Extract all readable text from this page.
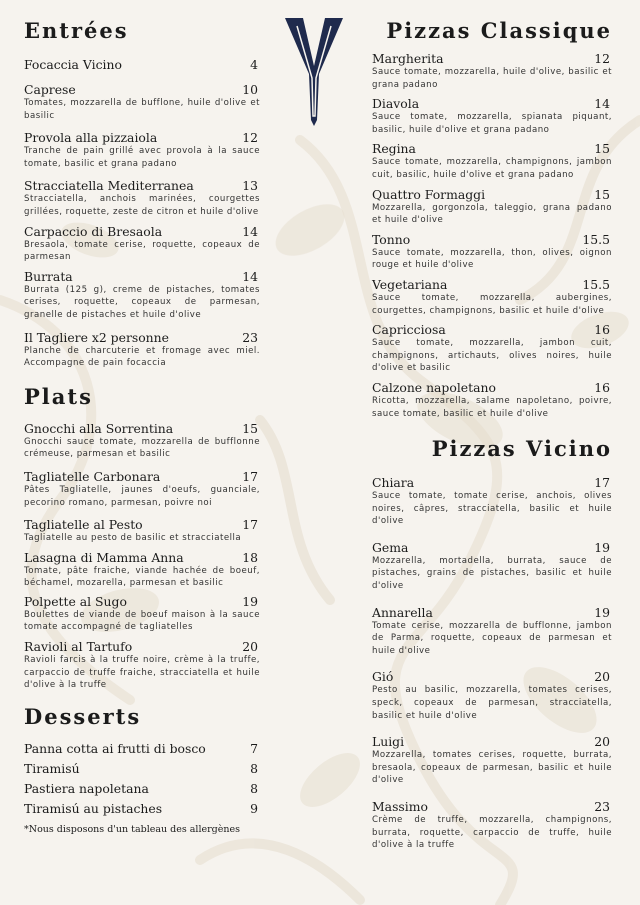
Entrées
Focaccia Vicino	4
Caprese	10
Tomates, mozzarella de bufflone, huile d'olive et basilic
Provola alla pizzaiola	12
Tranche de pain grillé avec provola à la sauce tomate, basilic et grana padano
Stracciatella Mediterranea	13
Stracciatella, anchois marinées, courgettes grillées, roquette, zeste de citron et huile d'olive
Carpaccio di Bresaola	14
Bresaola, tomate cerise, roquette, copeaux de parmesan
Burrata	14
Burrata (125 g), creme de pistaches, tomates cerises, roquette, copeaux de parmesan, granelle de pistaches et huile d'olive
Il Tagliere x2 personne	23
Planche de charcuterie et fromage avec miel. Accompagne de pain focaccia
Plats
Gnocchi alla Sorrentina	15
Gnocchi sauce tomate, mozzarella de bufflonne crémeuse, parmesan et basilic
Tagliatelle Carbonara	17
Pâtes Tagliatelle, jaunes d'oeufs, guanciale, pecorino romano, parmesan, poivre noi
Tagliatelle al Pesto	17
Tagliatelle au pesto de basilic et stracciatella
Lasagna di Mamma Anna	18
Tomate, pâte fraiche, viande hachée de boeuf, béchamel, mozarella, parmesan et basilic
Polpette al Sugo	19
Boulettes de viande de boeuf maison à la sauce tomate accompagné de tagliatelles
Ravioli al Tartufo	20
Ravioli farcis à la truffe noire, crème à la truffe, carpaccio de truffe fraiche, stracciatella et huile d'olive à la truffe
Desserts
Panna cotta ai frutti di bosco	7
Tiramisú	8
Pastiera napoletana	8
Tiramisú au pistaches	9
*Nous disposons d'un tableau des allergènes
Pizzas Classique
Margherita	12
Sauce tomate, mozzarella, huile d'olive, basilic et grana padano
Diavola	14
Sauce tomate, mozzarella, spianata piquant, basilic, huile d'olive et grana padano
Regina	15
Sauce tomate, mozzarella, champignons, jambon cuit, basilic, huile d'olive et grana padano
Quattro Formaggi	15
Mozzarella, gorgonzola, taleggio, grana padano et huile d'olive
Tonno	15.5
Sauce tomate, mozzarella, thon, olives, oignon rouge et huile d'olive
Vegetariana	15.5
Sauce tomate, mozzarella, aubergines, courgettes, champignons, basilic et huile d'olive
Capricciosa	16
Sauce tomate, mozzarella, jambon cuit, champignons, artichauts, olives noires, huile d'olive et basilic
Calzone napoletano	16
Ricotta, mozzarella, salame napoletano, poivre, sauce tomate, basilic et huile d'olive
Pizzas Vicino
Chiara	17
Sauce tomate, tomate cerise, anchois, olives noires, câpres, stracciatella, basilic et huile d'olive
Gema	19
Mozzarella, mortadella, burrata, sauce de pistaches, grains de pistaches, basilic et huile d'olive
Annarella	19
Tomate cerise, mozzarella de bufflonne, jambon de Parma, roquette, copeaux de parmesan et huile d'olive
Gió	20
Pesto au basilic, mozzarella, tomates cerises, speck, copeaux de parmesan, stracciatella, basilic et huile d'olive
Luigi	20
Mozzarella, tomates cerises, roquette, burrata, bresaola, copeaux de parmesan, basilic et huile d'olive
Massimo	23
Crème de truffe, mozzarella, champignons, burrata, roquette, carpaccio de truffe, huile d'olive à la truffe
